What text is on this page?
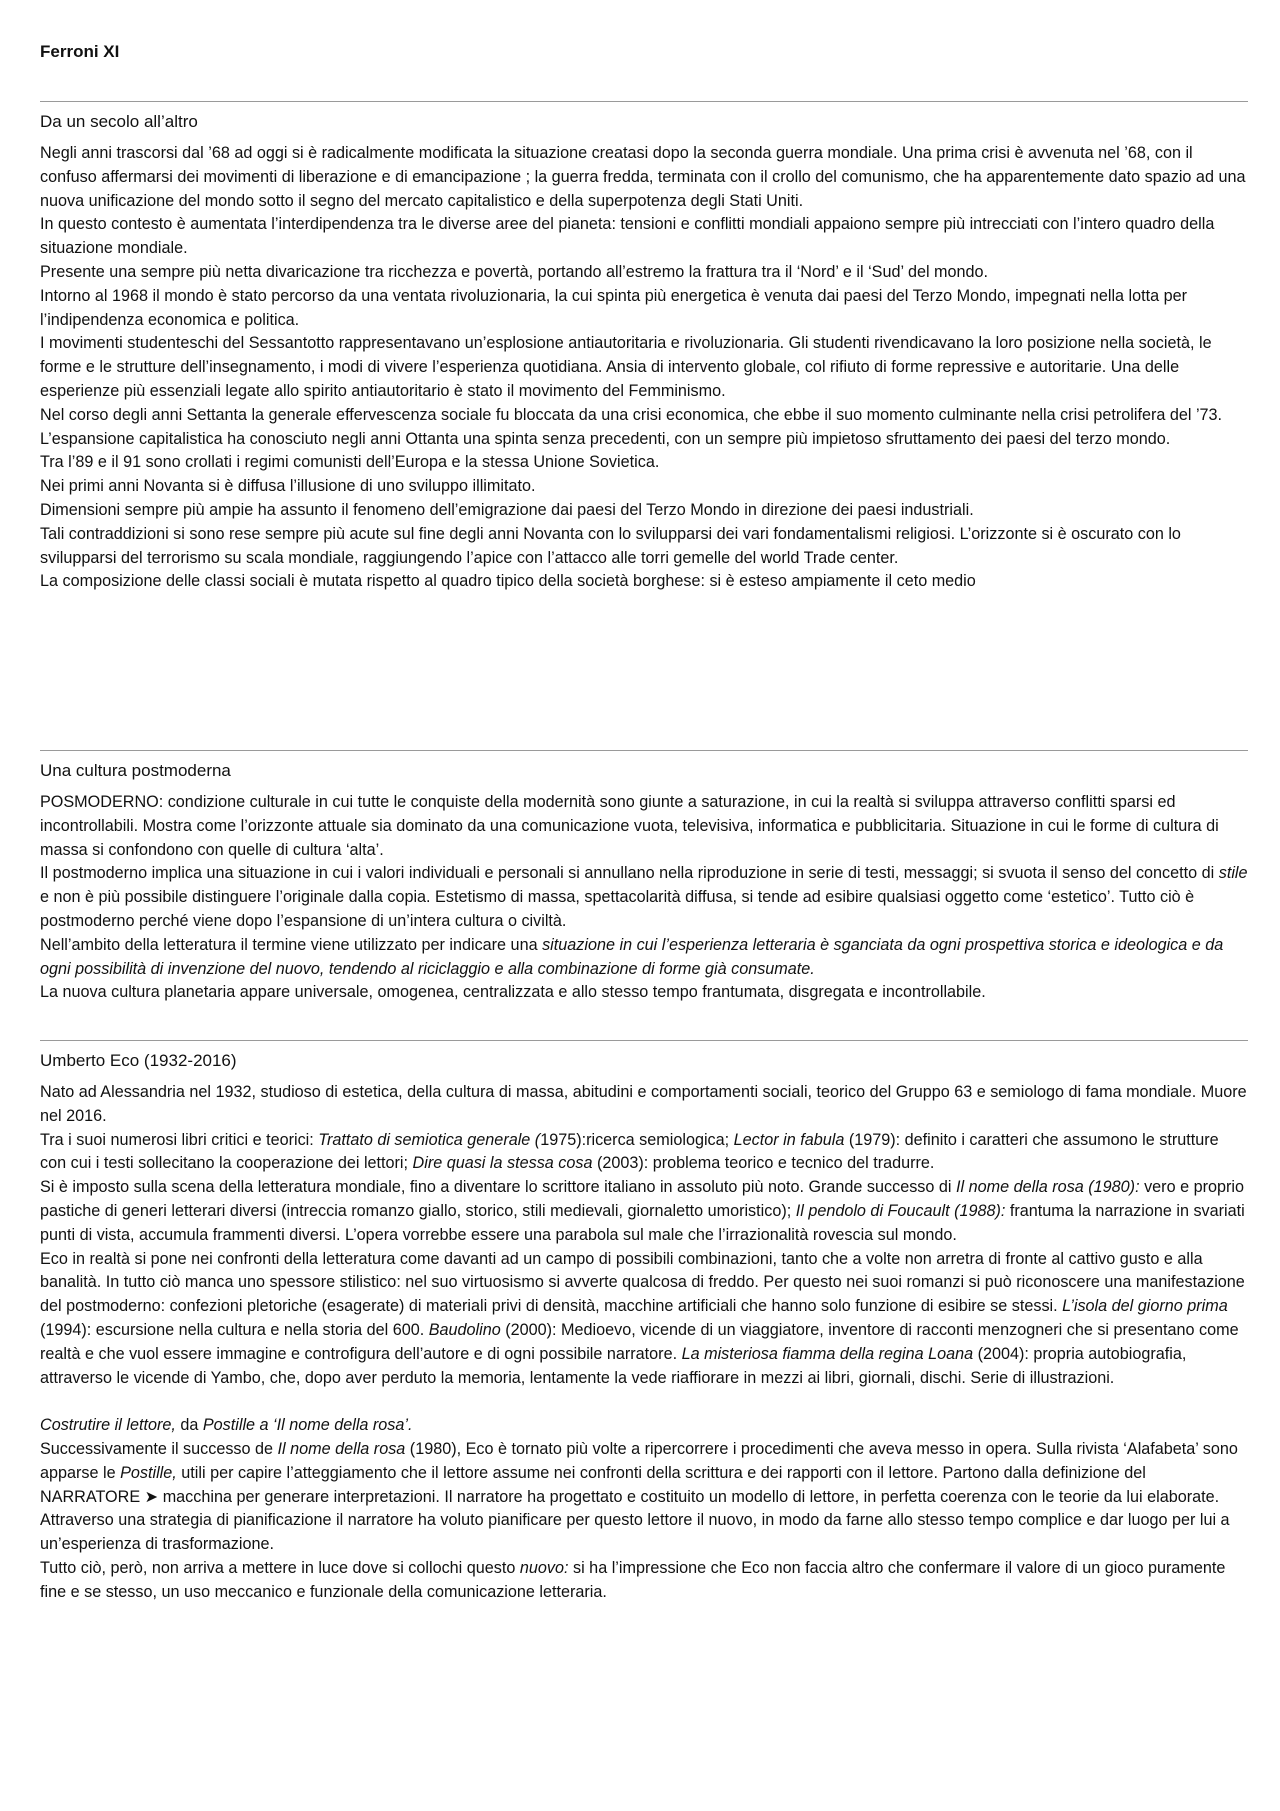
Ferroni XI
Da un secolo all’altro

Negli anni trascorsi dal ’68 ad oggi si è radicalmente modificata la situazione creatasi dopo la seconda guerra mondiale. Una prima crisi è avvenuta nel ’68, con il confuso affermarsi dei movimenti di liberazione e di emancipazione ; la guerra fredda, terminata con il crollo del comunismo, che ha apparentemente dato spazio ad una nuova unificazione del mondo sotto il segno del mercato capitalistico e della superpotenza degli Stati Uniti.

In questo contesto è aumentata l’interdipendenza tra le diverse aree del pianeta: tensioni e conflitti mondiali appaiono sempre più intrecciati con l’intero quadro della situazione mondiale.

Presente una sempre più netta divaricazione tra ricchezza e povertà, portando all’estremo la frattura tra il ‘Nord’ e il ‘Sud’ del mondo.

Intorno al 1968 il mondo è stato percorso da una ventata rivoluzionaria, la cui spinta più energetica è venuta dai paesi del Terzo Mondo, impegnati nella lotta per l’indipendenza economica e politica.

I movimenti studenteschi del Sessantotto rappresentavano un’esplosione antiautoritaria e rivoluzionaria. Gli studenti rivendicavano la loro posizione nella società, le forme e le strutture dell’insegnamento, i modi di vivere l’esperienza quotidiana. Ansia di intervento globale, col rifiuto di forme repressive e autoritarie. Una delle esperienze più essenziali legate allo spirito antiautoritario è stato il movimento del Femminismo.

Nel corso degli anni Settanta la generale effervescenza sociale fu bloccata da una crisi economica, che ebbe il suo momento culminante nella crisi petrolifera del ’73.

L’espansione capitalistica ha conosciuto negli anni Ottanta una spinta senza precedenti, con un sempre più impietoso sfruttamento dei paesi del terzo mondo.

Tra l’89 e il 91 sono crollati i regimi comunisti dell’Europa e la stessa Unione Sovietica.

Nei primi anni Novanta si è diffusa l’illusione di uno sviluppo illimitato.

Dimensioni sempre più ampie ha assunto il fenomeno dell’emigrazione dai paesi del Terzo Mondo in direzione dei paesi industriali.

Tali contraddizioni si sono rese sempre più acute sul fine degli anni Novanta con lo svilupparsi dei vari fondamentalismi religiosi. L’orizzonte si è oscurato con lo svilupparsi del terrorismo su scala mondiale, raggiungendo l’apice con l’attacco alle torri gemelle del world Trade center.

La composizione delle classi sociali è mutata rispetto al quadro tipico della società borghese: si è esteso ampiamente il ceto medio

Una cultura postmoderna

POSMODERNO: condizione culturale in cui tutte le conquiste della modernità sono giunte a saturazione, in cui la realtà si sviluppa attraverso conflitti sparsi ed incontrollabili. Mostra come l’orizzonte attuale sia dominato da una comunicazione vuota, televisiva, informatica e pubblicitaria. Situazione in cui le forme di cultura di massa si confondono con quelle di cultura ‘alta’.

Il postmoderno implica una situazione in cui i valori individuali e personali si annullano nella riproduzione in serie di testi, messaggi; si svuota il senso del concetto di stile e non è più possibile distinguere l’originale dalla copia. Estetismo di massa, spettacolarità diffusa, si tende ad esibire qualsiasi oggetto come ‘estetico’. Tutto ciò è postmoderno perché viene dopo l’espansione di un’intera cultura o civiltà.

Nell’ambito della letteratura il termine viene utilizzato per indicare una situazione in cui l’esperienza letteraria è sganciata da ogni prospettiva storica e ideologica e da ogni possibilità di invenzione del nuovo, tendendo al riciclaggio e alla combinazione di forme già consumate.

La nuova cultura planetaria appare universale, omogenea, centralizzata e allo stesso tempo frantumata, disgregata e incontrollabile.

Umberto Eco (1932-2016)

Nato ad Alessandria nel 1932, studioso di estetica, della cultura di massa, abitudini e comportamenti sociali, teorico del Gruppo 63 e semiologo di fama mondiale. Muore nel 2016.

Tra i suoi numerosi libri critici e teorici: Trattato di semiotica generale (1975):ricerca semiologica; Lector in fabula (1979): definito i caratteri che assumono le strutture con cui i testi sollecitano la cooperazione dei lettori; Dire quasi la stessa cosa (2003): problema teorico e tecnico del tradurre.

Si è imposto sulla scena della letteratura mondiale, fino a diventare lo scrittore italiano in assoluto più noto. Grande successo di Il nome della rosa (1980): vero e proprio pastiche di generi letterari diversi (intreccia romanzo giallo, storico, stili medievali, giornaletto umoristico); Il pendolo di Foucault (1988): frantuma la narrazione in svariati punti di vista, accumula frammenti diversi. L’opera vorrebbe essere una parabola sul male che l’irrazionalità rovescia sul mondo.

Eco in realtà si pone nei confronti della letteratura come davanti ad un campo di possibili combinazioni, tanto che a volte non arretra di fronte al cattivo gusto e alla banalità. In tutto ciò manca uno spessore stilistico: nel suo virtuosismo si avverte qualcosa di freddo. Per questo nei suoi romanzi si può riconoscere una manifestazione del postmoderno: confezioni pletoriche (esagerate) di materiali privi di densità, macchine artificiali che hanno solo funzione di esibire se stessi. L’isola del giorno prima (1994): escursione nella cultura e nella storia del 600. Baudolino (2000): Medioevo, vicende di un viaggiatore, inventore di racconti menzogneri che si presentano come realtà e che vuol essere immagine e controfigura dell’autore e di ogni possibile narratore. La misteriosa fiamma della regina Loana (2004): propria autobiografia, attraverso le vicende di Yambo, che, dopo aver perduto la memoria, lentamente la vede riaffiorare in mezzi ai libri, giornali, dischi. Serie di illustrazioni.

Costrutire il lettore, da Postille a ‘Il nome della rosa’.

Successivamente il successo de Il nome della rosa (1980), Eco è tornato più volte a ripercorrere i procedimenti che aveva messo in opera. Sulla rivista ‘Alafabeta’ sono apparse le Postille, utili per capire l’atteggiamento che il lettore assume nei confronti della scrittura e dei rapporti con il lettore. Partono dalla definizione del NARRATORE ➤ macchina per generare interpretazioni. Il narratore ha progettato e costituito un modello di lettore, in perfetta coerenza con le teorie da lui elaborate. Attraverso una strategia di pianificazione il narratore ha voluto pianificare per questo lettore il nuovo, in modo da farne allo stesso tempo complice e dar luogo per lui a un’esperienza di trasformazione.

Tutto ciò, però, non arriva a mettere in luce dove si collochi questo nuovo: si ha l’impressione che Eco non faccia altro che confermare il valore di un gioco puramente fine e se stesso, un uso meccanico e funzionale della comunicazione letteraria.
